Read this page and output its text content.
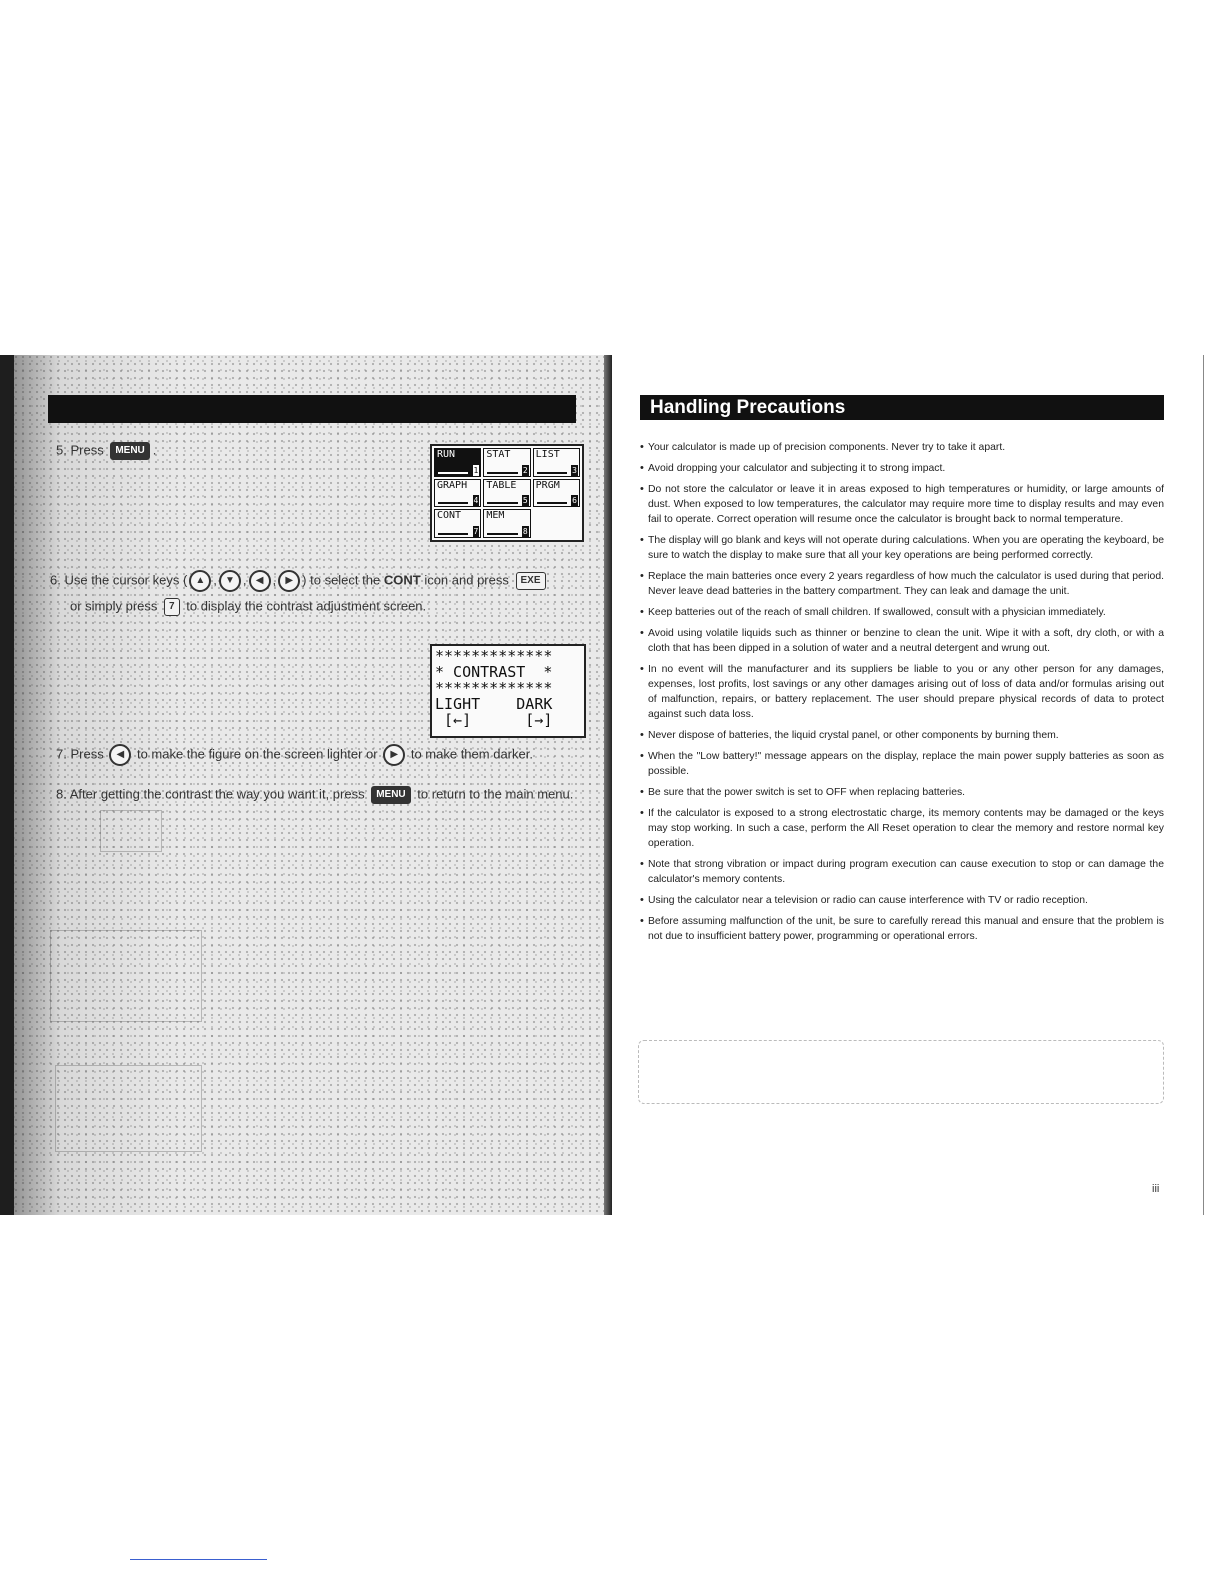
5. Press MENU .	RUN
1
STAT
2
LIST
3
GRAPH
4
TABLE
5
PRGM
6
CONT
7
MEM
8
6. Use the cursor keys ( ▲ , ▼ , ◀ , ▶ ) to select the CONT icon and press EXE
or simply press 7 to display the contrast adjustment screen.
*************
* CONTRAST  *
*************
LIGHT    DARK
[←]      [→]
7. Press ◀ to make the figure on the screen lighter or ▶ to make them darker.
8. After getting the contrast the way you want it, press MENU to return to the main menu.
Handling Precautions
• Your calculator is made up of precision components. Never try to take it apart.
• Avoid dropping your calculator and subjecting it to strong impact.
• Do not store the calculator or leave it in areas exposed to high temperatures or humidity, or large amounts of dust. When exposed to low temperatures, the calculator may require more time to display results and may even fail to operate. Correct operation will resume once the calculator is brought back to normal temperature.
• The display will go blank and keys will not operate during calculations. When you are operating the keyboard, be sure to watch the display to make sure that all your key operations are being performed correctly.
• Replace the main batteries once every 2 years regardless of how much the calculator is used during that period. Never leave dead batteries in the battery compartment. They can leak and damage the unit.
• Keep batteries out of the reach of small children. If swallowed, consult with a physician immediately.
• Avoid using volatile liquids such as thinner or benzine to clean the unit. Wipe it with a soft, dry cloth, or with a cloth that has been dipped in a solution of water and a neutral detergent and wrung out.
• In no event will the manufacturer and its suppliers be liable to you or any other person for any damages, expenses, lost profits, lost savings or any other damages arising out of loss of data and/or formulas arising out of malfunction, repairs, or battery replacement. The user should prepare physical records of data to protect against such data loss.
• Never dispose of batteries, the liquid crystal panel, or other components by burning them.
• When the "Low battery!" message appears on the display, replace the main power supply batteries as soon as possible.
• Be sure that the power switch is set to OFF when replacing batteries.
• If the calculator is exposed to a strong electrostatic charge, its memory contents may be damaged or the keys may stop working. In such a case, perform the All Reset operation to clear the memory and restore normal key operation.
• Note that strong vibration or impact during program execution can cause execution to stop or can damage the calculator's memory contents.
• Using the calculator near a television or radio can cause interference with TV or radio reception.
• Before assuming malfunction of the unit, be sure to carefully reread this manual and ensure that the problem is not due to insufficient battery power, programming or operational errors.
iii
